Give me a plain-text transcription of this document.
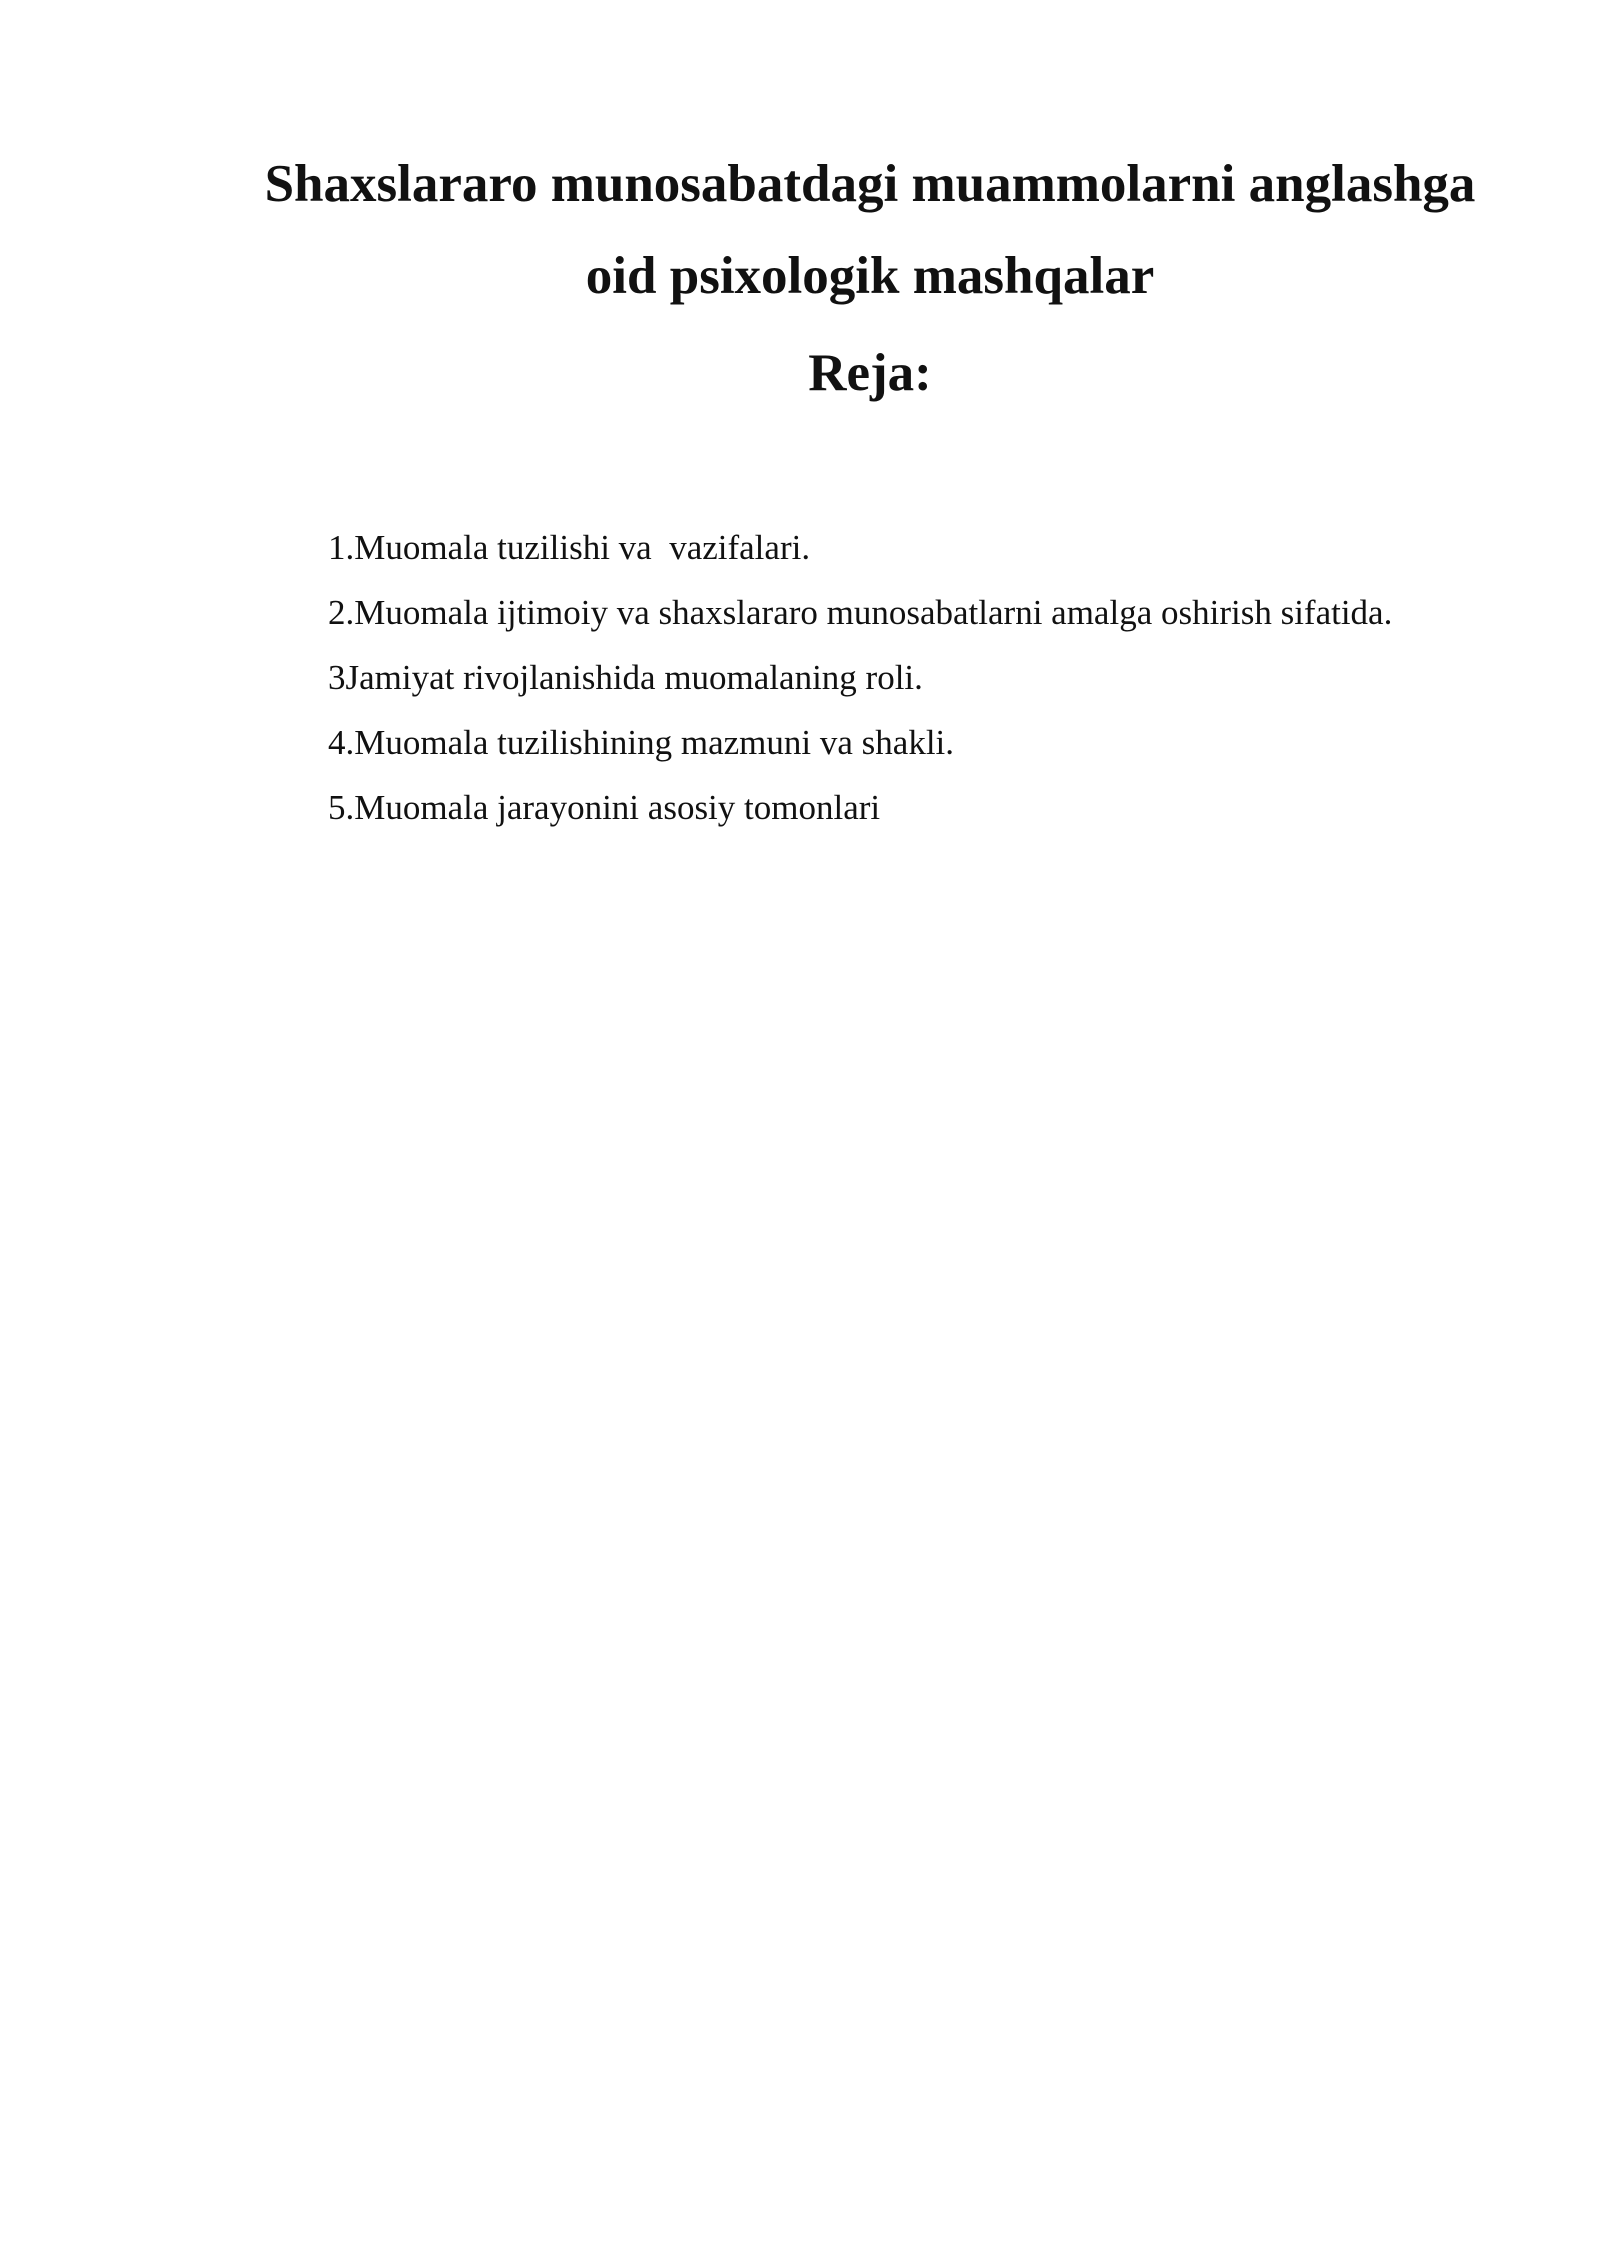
Shaxslararo munosabatdagi muammolarni anglashga
oid psixologik mashqalar
Reja:
1.Muomala tuzilishi va  vazifalari.
2.Muomala ijtimoiy va shaxslararo munosabatlarni amalga oshirish sifatida.
3Jamiyat rivojlanishida muomalaning roli.
4.Muomala tuzilishining mazmuni va shakli.
5.Muomala jarayonini asosiy tomonlari
